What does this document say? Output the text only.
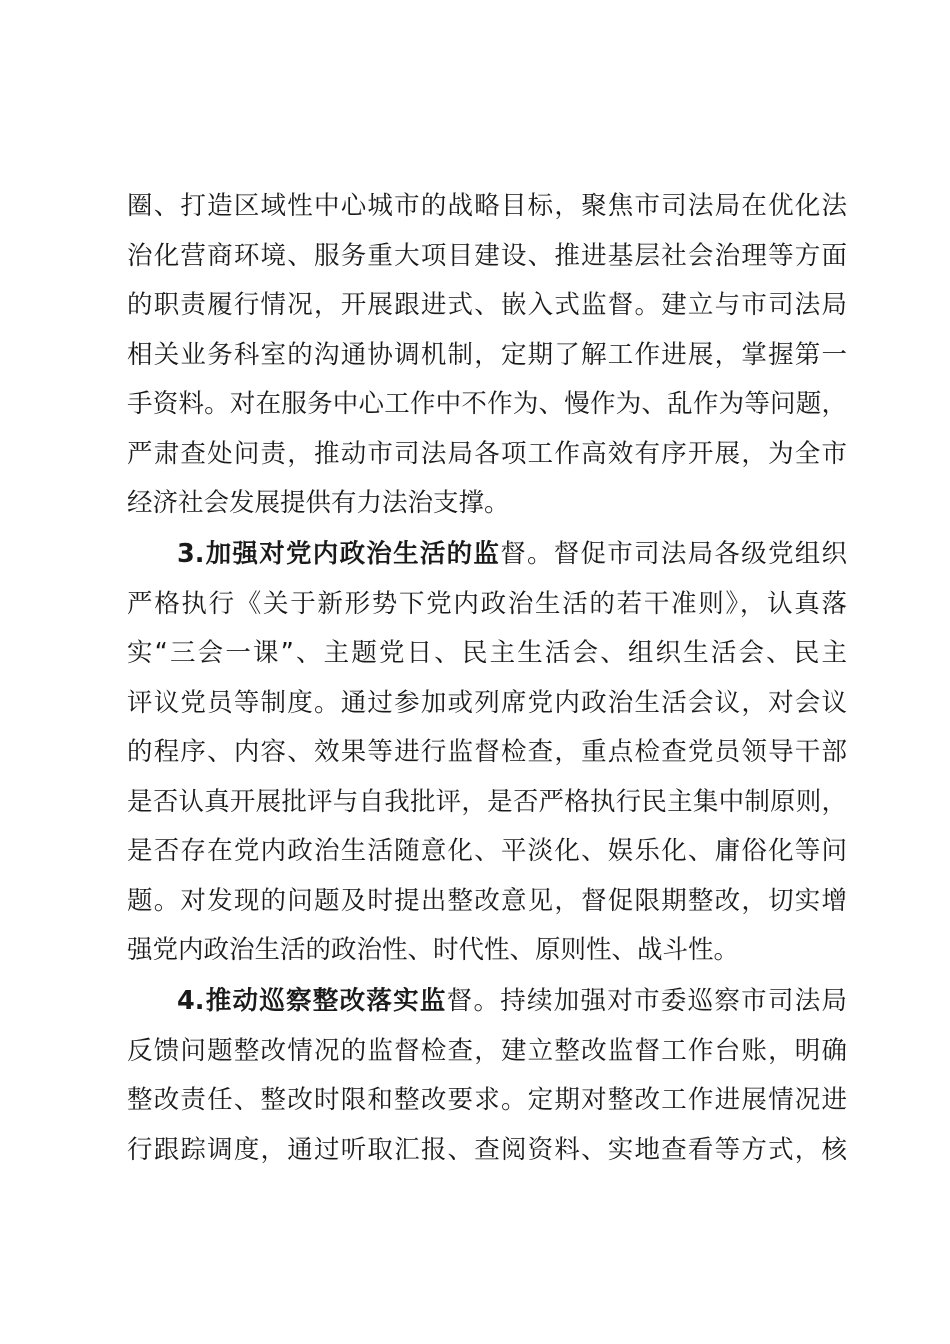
圈、打造区域性中心城市的战略目标，聚焦市司法局在优化法
治化营商环境、服务重大项目建设、推进基层社会治理等方面
的职责履行情况，开展跟进式、嵌入式监督。建立与市司法局
相关业务科室的沟通协调机制，定期了解工作进展，掌握第一
手资料。对在服务中心工作中不作为、慢作为、乱作为等问题，
严肃查处问责，推动市司法局各项工作高效有序开展，为全市
经济社会发展提供有力法治支撑。
3.加强对党内政治生活的监督。督促市司法局各级党组织
严格执行《关于新形势下党内政治生活的若干准则》，认真落
实“三会一课”、主题党日、民主生活会、组织生活会、民主
评议党员等制度。通过参加或列席党内政治生活会议，对会议
的程序、内容、效果等进行监督检查，重点检查党员领导干部
是否认真开展批评与自我批评，是否严格执行民主集中制原则，
是否存在党内政治生活随意化、平淡化、娱乐化、庸俗化等问
题。对发现的问题及时提出整改意见，督促限期整改，切实增
强党内政治生活的政治性、时代性、原则性、战斗性。
4.推动巡察整改落实监督。持续加强对市委巡察市司法局
反馈问题整改情况的监督检查，建立整改监督工作台账，明确
整改责任、整改时限和整改要求。定期对整改工作进展情况进
行跟踪调度，通过听取汇报、查阅资料、实地查看等方式，核
